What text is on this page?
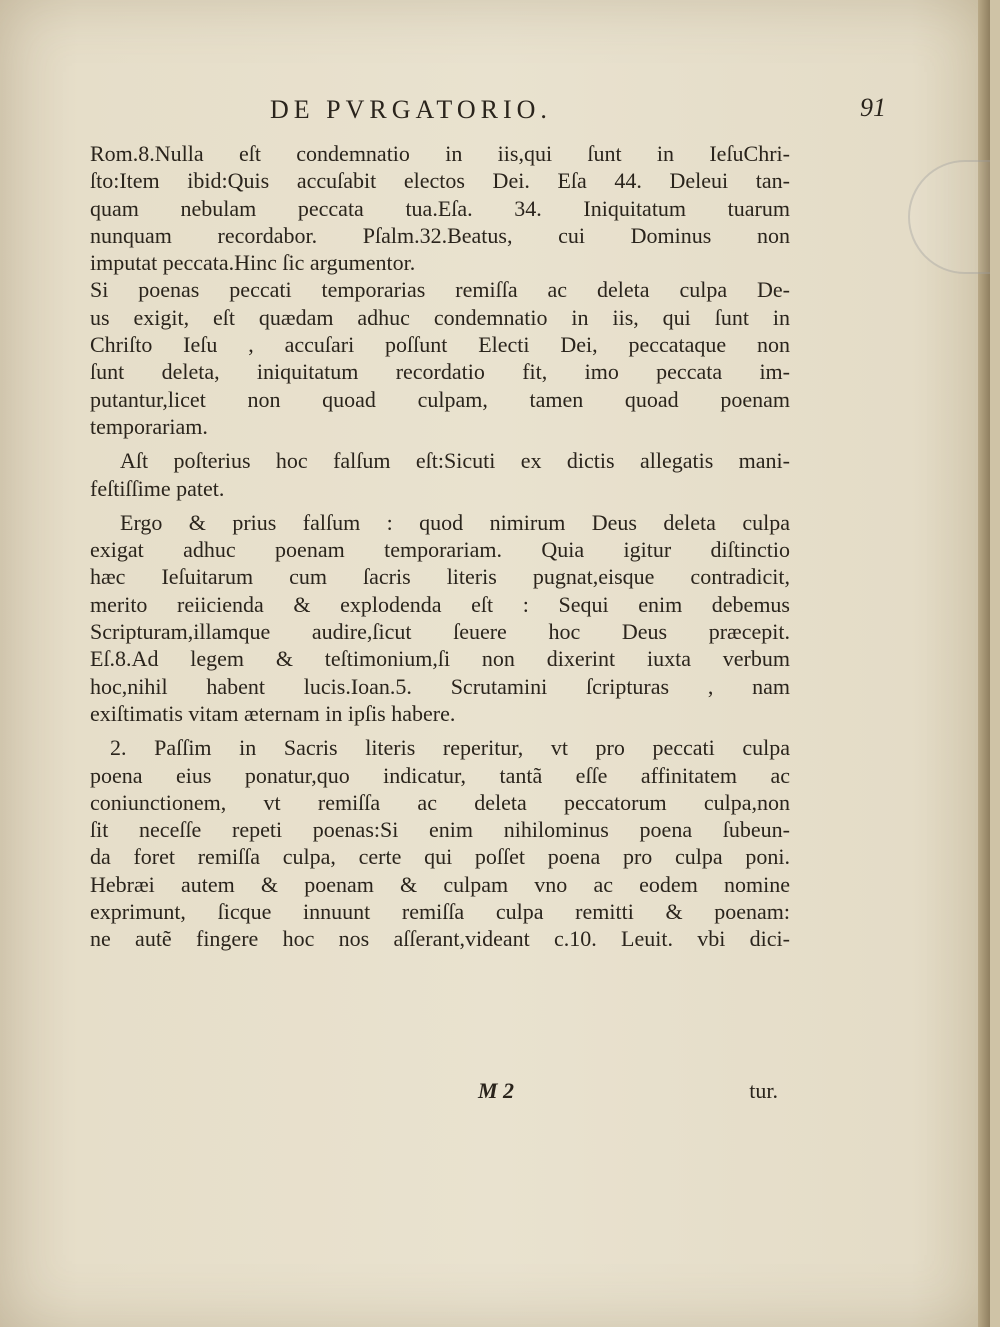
DE PVRGATORIO.	91
Rom.8.Nulla eſt condemnatio in iis,qui ſunt in IeſuChri-
ſto:Item ibid:Quis accuſabit electos Dei. Eſa 44. Deleui tan-
quam nebulam peccata tua.Eſa. 34. Iniquitatum tuarum
nunquam recordabor. Pſalm.32.Beatus, cui Dominus non
imputat peccata.Hinc ſic argumentor.
Si poenas peccati temporarias remiſſa ac deleta culpa De-
us exigit, eſt quædam adhuc condemnatio in iis, qui ſunt in
Chriſto Ieſu , accuſari poſſunt Electi Dei, peccataque non
ſunt deleta, iniquitatum recordatio fit, imo peccata im-
putantur,licet non quoad culpam, tamen quoad poenam
temporariam.
Aſt poſterius hoc falſum eſt:Sicuti ex dictis allegatis mani-
feſtiſſime patet.
Ergo & prius falſum : quod nimirum Deus deleta culpa
exigat adhuc poenam temporariam. Quia igitur diſtinctio
hæc Ieſuitarum cum ſacris literis pugnat,eisque contradicit,
merito reiicienda & explodenda eſt : Sequi enim debemus
Scripturam,illamque audire,ſicut ſeuere hoc Deus præcepit.
Eſ.8.Ad legem & teſtimonium,ſi non dixerint iuxta verbum
hoc,nihil habent lucis.Ioan.5. Scrutamini ſcripturas , nam
exiſtimatis vitam æternam in ipſis habere.
2. Paſſim in Sacris literis reperitur, vt pro peccati culpa
poena eius ponatur,quo indicatur, tantã eſſe affinitatem ac
coniunctionem, vt remiſſa ac deleta peccatorum culpa,non
ſit neceſſe repeti poenas:Si enim nihilominus poena ſubeun-
da foret remiſſa culpa, certe qui poſſet poena pro culpa poni.
Hebræi autem & poenam & culpam vno ac eodem nomine
exprimunt, ſicque innuunt remiſſa culpa remitti & poenam:
ne autẽ fingere hoc nos aſſerant,videant c.10. Leuit. vbi dici-
M 2	tur.
